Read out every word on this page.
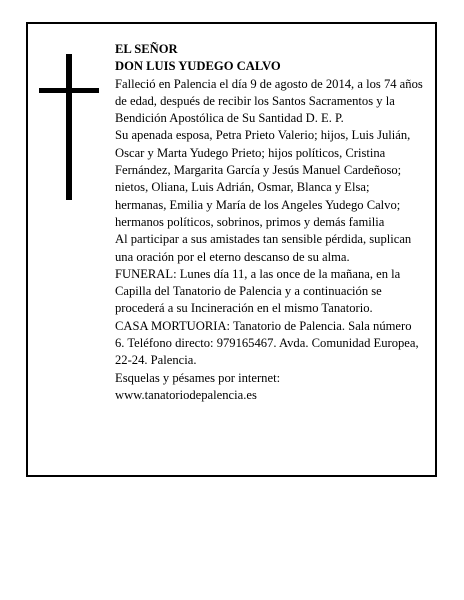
EL SEÑOR

DON LUIS YUDEGO CALVO

Falleció en Palencia el día 9 de agosto de 2014, a los 74 años de edad, después de recibir los Santos Sacramentos y la Bendición Apostólica de Su Santidad D. E. P.

Su apenada esposa, Petra Prieto Valerio; hijos, Luis Julián, Oscar y Marta Yudego Prieto; hijos políticos, Cristina Fernández, Margarita García y Jesús Manuel Cardeñoso; nietos, Oliana, Luis Adrián, Osmar, Blanca y Elsa; hermanas, Emilia y María de los Angeles Yudego Calvo; hermanos políticos, sobrinos, primos y demás familia

Al participar a sus amistades tan sensible pérdida, suplican una oración por el eterno descanso de su alma.

FUNERAL: Lunes día 11, a las once de la mañana, en la Capilla del Tanatorio de Palencia y a continuación se procederá a su Incineración en el mismo Tanatorio.

CASA MORTUORIA: Tanatorio de Palencia. Sala número 6. Teléfono directo: 979165467. Avda. Comunidad Europea, 22-24. Palencia.

Esquelas y pésames por internet: www.tanatoriodepalencia.es
